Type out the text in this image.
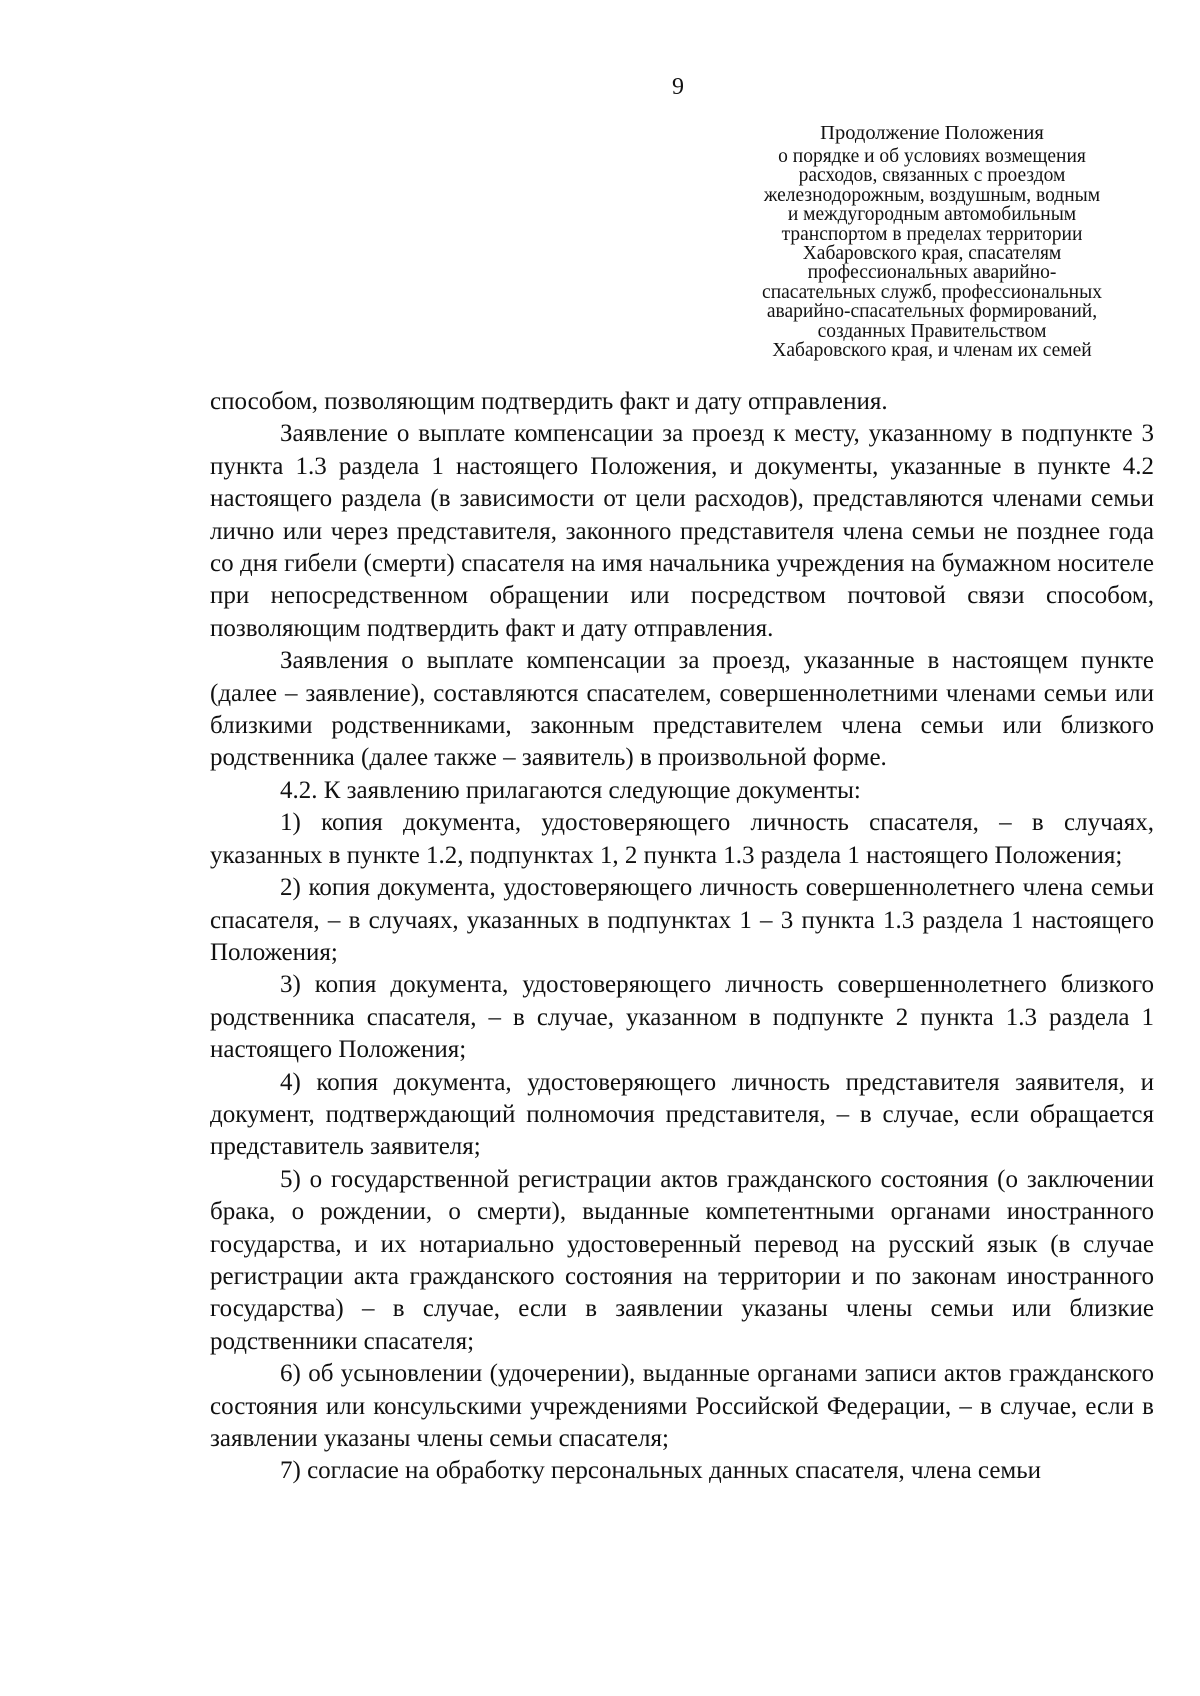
9
Продолжение Положения
о порядке и об условиях возмещения
расходов, связанных с проездом
железнодорожным, воздушным, водным
и междугородным автомобильным
транспортом в пределах территории
Хабаровского края, спасателям
профессиональных аварийно-
спасательных служб, профессиональных
аварийно-спасательных формирований,
созданных Правительством
Хабаровского края, и членам их семей

способом, позволяющим подтвердить факт и дату отправления.

Заявление о выплате компенсации за проезд к месту, указанному в подпункте 3 пункта 1.3 раздела 1 настоящего Положения, и документы, указанные в пункте 4.2 настоящего раздела (в зависимости от цели расходов), представляются членами семьи лично или через представителя, законного представителя члена семьи не позднее года со дня гибели (смерти) спасателя на имя начальника учреждения на бумажном носителе при непосредственном обращении или посредством почтовой связи способом, позволяющим подтвердить факт и дату отправления.

Заявления о выплате компенсации за проезд, указанные в настоящем пункте (далее – заявление), составляются спасателем, совершеннолетними членами семьи или близкими родственниками, законным представителем члена семьи или близкого родственника (далее также – заявитель) в произвольной форме.

4.2. К заявлению прилагаются следующие документы:

1) копия документа, удостоверяющего личность спасателя, – в случаях, указанных в пункте 1.2, подпунктах 1, 2 пункта 1.3 раздела 1 настоящего Положения;

2) копия документа, удостоверяющего личность совершеннолетнего члена семьи спасателя, – в случаях, указанных в подпунктах 1 – 3 пункта 1.3 раздела 1 настоящего Положения;

3) копия документа, удостоверяющего личность совершеннолетнего близкого родственника спасателя, – в случае, указанном в подпункте 2 пункта 1.3 раздела 1 настоящего Положения;

4) копия документа, удостоверяющего личность представителя заявителя, и документ, подтверждающий полномочия представителя, – в случае, если обращается представитель заявителя;

5) о государственной регистрации актов гражданского состояния (о заключении брака, о рождении, о смерти), выданные компетентными органами иностранного государства, и их нотариально удостоверенный перевод на русский язык (в случае регистрации акта гражданского состояния на территории и по законам иностранного государства) – в случае, если в заявлении указаны члены семьи или близкие родственники спасателя;

6) об усыновлении (удочерении), выданные органами записи актов гражданского состояния или консульскими учреждениями Российской Федерации, – в случае, если в заявлении указаны члены семьи спасателя;

7) согласие на обработку персональных данных спасателя, члена семьи
